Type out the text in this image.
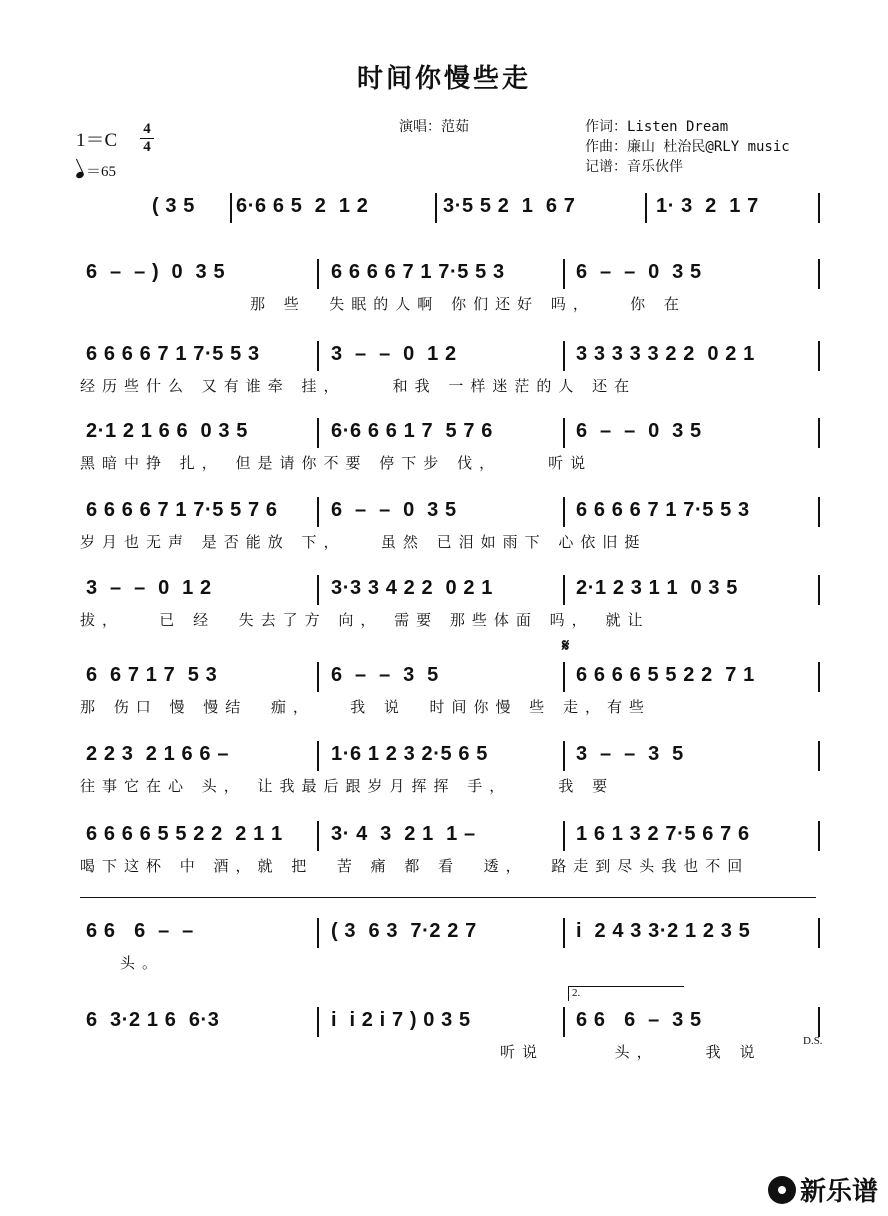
时间你慢些走
演唱：范茹	作词：Listen Dream
作曲：廉山 杜治民@RLY music
记谱：音乐伙伴
1＝C
4
4
＝65
( 3 5 6·6 6 5  2  1 2	3·5 5 2  1  6 7	1· 3  2  1 7
6  –  – )  0  3 5	6 6 6 6 7 1 7·5 5 3	6  –  –  0  3 5
那 些  失眠的人啊 你们还好 吗，   你 在
6 6 6 6 7 1 7·5 5 3	3  –  –  0  1 2	3 3 3 3 3 2 2  0 2 1
经历些什么 又有谁牵 挂，    和我 一样迷茫的人 还在
2·1 2 1 6 6  0 3 5	6·6 6 6 1 7  5 7 6	6  –  –  0  3 5
黑暗中挣 扎， 但是请你不要 停下步 伐，    听说
6 6 6 6 7 1 7·5 5 7 6	6  –  –  0  3 5	6 6 6 6 7 1 7·5 5 3
岁月也无声 是否能放 下，   虽然 已泪如雨下 心依旧挺
3  –  –  0  1 2	3·3 3 4 2 2  0 2 1	2·1 2 3 1 1  0 3 5
拔，   已 经  失去了方 向， 需要 那些体面 吗， 就让
6  6 7 1 7  5 3	6  –  –  3  5	6 6 6 6 5 5 2 2  7 1
那 伤口 慢 慢结  痂，   我 说  时间你慢 些 走，有些
2 2 3  2 1 6 6 –	1·6 1 2 3 2·5 6 5	3  –  –  3  5
往事它在心 头， 让我最后跟岁月挥挥 手，    我 要
6 6 6 6 5 5 2 2  2 1 1 3· 4  3  2 1  1 –	1 6 1 3 2 7·5 6 7 6
喝下这杯 中 酒，就 把  苦 痛 都 看  透，  路走到尽头我也不回
6 6   6  –  –	( 3  6 3  7·2 2 7	i  2 4 3 3·2 1 2 3 5
头。
6  3·2 1 6  6·3	i  i 2 i 7 ) 0 3 5	6 6   6  –  3 5
听说      头，    我 说
2.
𝄋
D.S.
新乐谱
